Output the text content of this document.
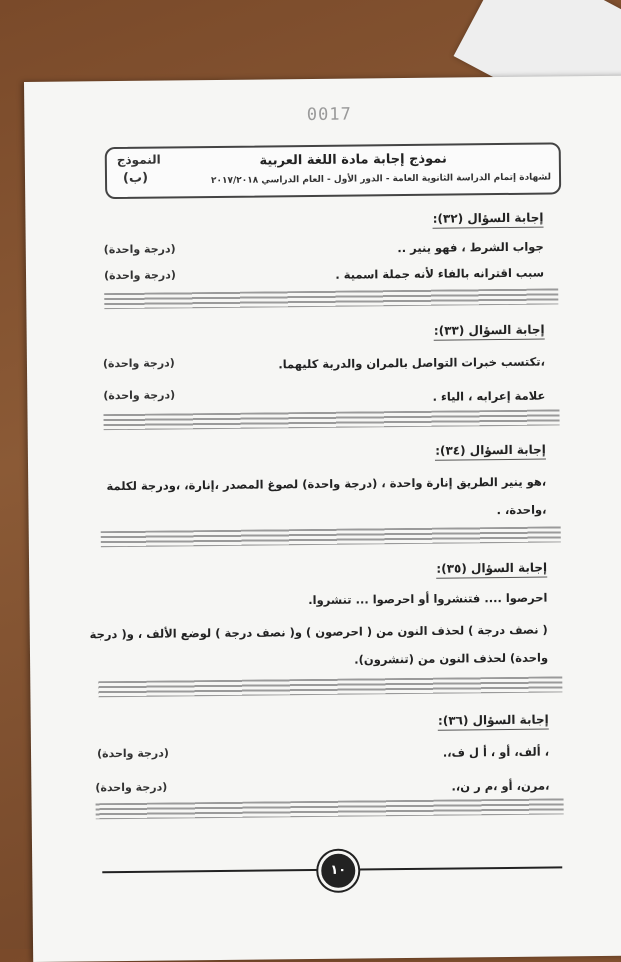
0017
نموذج إجابة مادة اللغة العربية
لشهادة إتمام الدراسة الثانوية العامة - الدور الأول - العام الدراسي ٢٠١٧/٢٠١٨
النموذج
(ب)
إجابة السؤال (٣٢):
جواب الشرط ، فهو ينير ..
(درجة واحدة)
سبب اقترانه بالفاء لأنه جملة اسمية .
(درجة واحدة)
إجابة السؤال (٣٣):
،تكتسب خبرات التواصل بالمران والدربة كليهما.
(درجة واحدة)
علامة إعرابه ، الياء .
(درجة واحدة)
إجابة السؤال (٣٤):
،هو ينير الطريق إنارة واحدة ، (درجة واحدة) لصوغ المصدر ،إنارة، ،ودرجة لكلمة
،واحدة، .
إجابة السؤال (٣٥):
احرصوا .... فتنشروا أو احرصوا ... تنشروا.
( نصف درجة ) لحذف النون من ( احرصون ) و( نصف درجة ) لوضع الألف ، و( درجة
واحدة) لحذف النون من (تنشرون).
إجابة السؤال (٣٦):
، ألف، أو ، أ ل ف،.
(درجة واحدة)
،مرن، أو ،م ر ن،.
(درجة واحدة)
١٠
